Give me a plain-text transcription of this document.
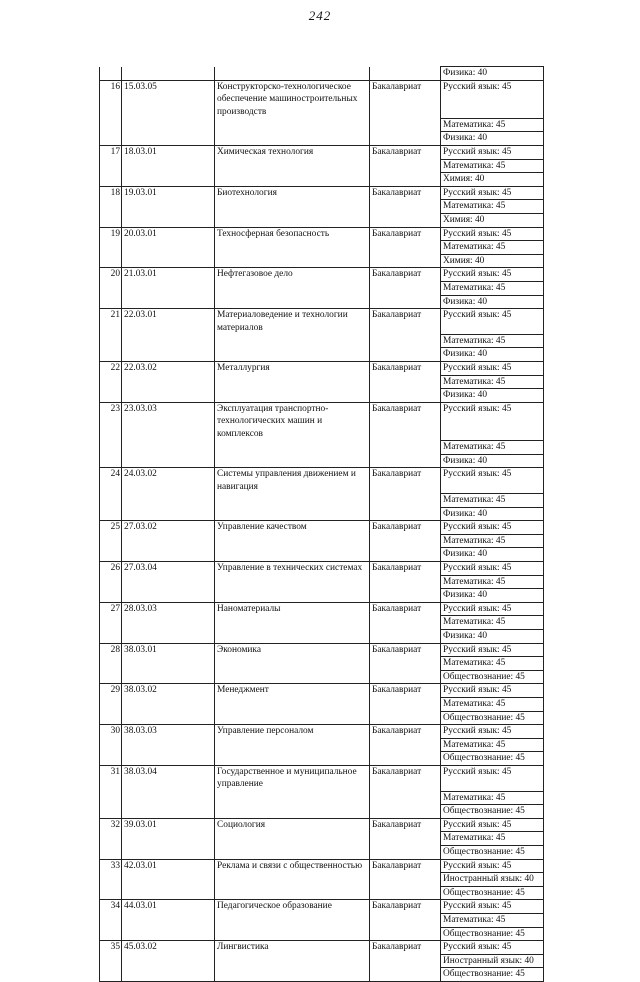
242
				Физика: 40
16	15.03.05	Конструкторско-технологическое обеспечение машиностроительных производств	Бакалавриат	Русский язык: 45
				Математика: 45
				Физика: 40
17	18.03.01	Химическая технология	Бакалавриат	Русский язык: 45
				Математика: 45
				Химия: 40
18	19.03.01	Биотехнология	Бакалавриат	Русский язык: 45
				Математика: 45
				Химия: 40
19	20.03.01	Техносферная безопасность	Бакалавриат	Русский язык: 45
				Математика: 45
				Химия: 40
20	21.03.01	Нефтегазовое дело	Бакалавриат	Русский язык: 45
				Математика: 45
				Физика: 40
21	22.03.01	Материаловедение и технологии материалов	Бакалавриат	Русский язык: 45
				Математика: 45
				Физика: 40
22	22.03.02	Металлургия	Бакалавриат	Русский язык: 45
				Математика: 45
				Физика: 40
23	23.03.03	Эксплуатация транспортно-технологических машин и комплексов	Бакалавриат	Русский язык: 45
				Математика: 45
				Физика: 40
24	24.03.02	Системы управления движением и навигация	Бакалавриат	Русский язык: 45
				Математика: 45
				Физика: 40
25	27.03.02	Управление качеством	Бакалавриат	Русский язык: 45
				Математика: 45
				Физика: 40
26	27.03.04	Управление в технических системах	Бакалавриат	Русский язык: 45
				Математика: 45
				Физика: 40
27	28.03.03	Наноматериалы	Бакалавриат	Русский язык: 45
				Математика: 45
				Физика: 40
28	38.03.01	Экономика	Бакалавриат	Русский язык: 45
				Математика: 45
				Обществознание: 45
29	38.03.02	Менеджмент	Бакалавриат	Русский язык: 45
				Математика: 45
				Обществознание: 45
30	38.03.03	Управление персоналом	Бакалавриат	Русский язык: 45
				Математика: 45
				Обществознание: 45
31	38.03.04	Государственное и муниципальное управление	Бакалавриат	Русский язык: 45
				Математика: 45
				Обществознание: 45
32	39.03.01	Социология	Бакалавриат	Русский язык: 45
				Математика: 45
				Обществознание: 45
33	42.03.01	Реклама и связи с общественностью	Бакалавриат	Русский язык: 45
				Иностранный язык: 40
				Обществознание: 45
34	44.03.01	Педагогическое образование	Бакалавриат	Русский язык: 45
				Математика: 45
				Обществознание: 45
35	45.03.02	Лингвистика	Бакалавриат	Русский язык: 45
				Иностранный язык: 40
				Обществознание: 45
